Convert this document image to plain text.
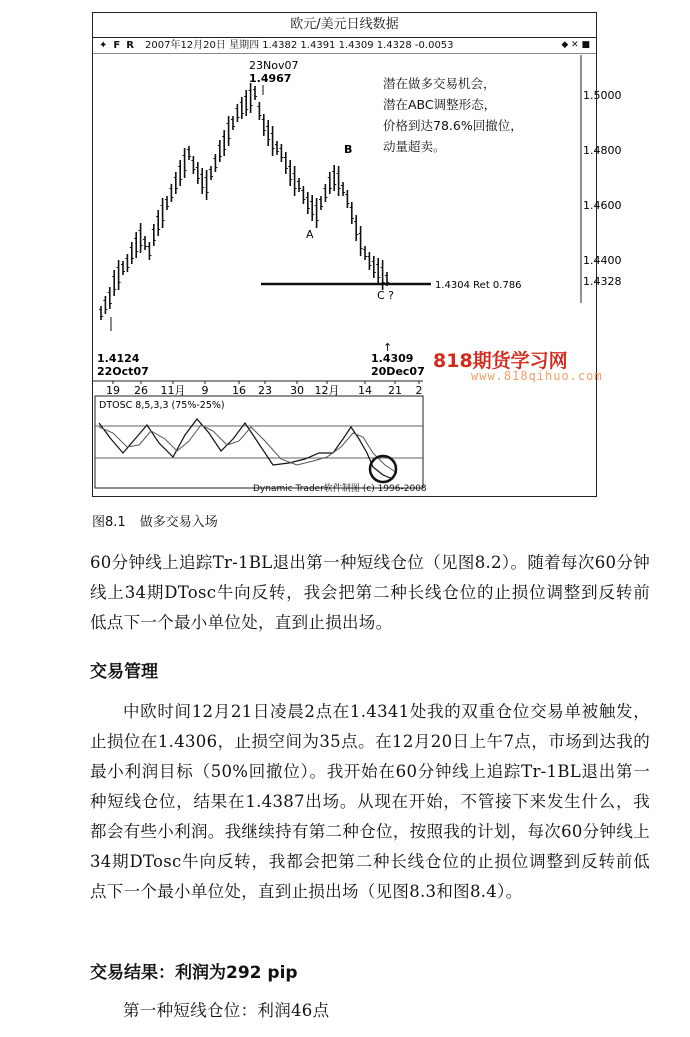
欧元/美元日线数据
✦ F R 2007年12月20日 星期四 1.4382 1.4391 1.4309 1.4328 -0.0053	◆ ✕ ■
1.5000
1.4800
1.4600
1.4400
1.4328
1.4304 Ret 0.786
23Nov07
1.4967
A
B
C ?
1.4124
22Oct07
↑
1.4309
20Dec07
19 26 11月 9 16 23 30 12月 14 21 2
DTOSC 8,5,3,3 (75%-25%)
潜在做多交易机会，
潜在ABC调整形态，
价格到达78.6%回撤位，
动量超卖。
818期货学习网
www.818qihuo.com
Dynamic Trader软件制图 (c) 1996-2008
图8.1 做多交易入场
60分钟线上追踪Tr-1BL退出第一种短线仓位（见图8.2）。随着每次60分钟线上34期DTosc牛向反转，我会把第二种长线仓位的止损位调整到反转前低点下一个最小单位处，直到止损出场。
交易管理
中欧时间12月21日凌晨2点在1.4341处我的双重仓位交易单被触发，止损位在1.4306，止损空间为35点。在12月20日上午7点，市场到达我的最小利润目标（50%回撤位）。我开始在60分钟线上追踪Tr-1BL退出第一种短线仓位，结果在1.4387出场。从现在开始，不管接下来发生什么，我都会有些小利润。我继续持有第二种仓位，按照我的计划，每次60分钟线上34期DTosc牛向反转，我都会把第二种长线仓位的止损位调整到反转前低点下一个最小单位处，直到止损出场（见图8.3和图8.4）。
交易结果：利润为292 pip
第一种短线仓位：利润46点
